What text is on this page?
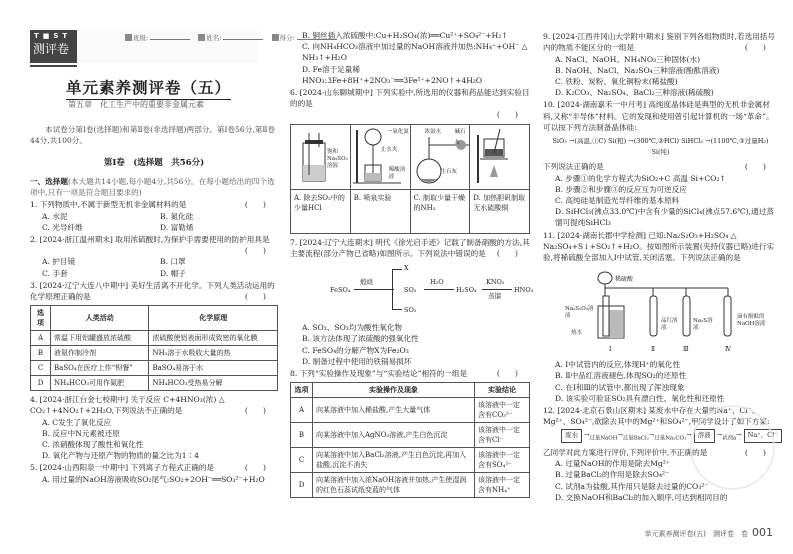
T■ST
测评卷
班级:	姓名:	得分:
单元素养测评卷（五）
第五章　化工生产中的重要非金属元素
本试卷分第Ⅰ卷(选择题)和第Ⅱ卷(非选择题)两部分。第Ⅰ卷56分,第Ⅱ卷44分,共100分。
第Ⅰ卷　(选择题　共56分)

一、选择题(本大题共14小题,每小题4分,共56分。在每小题给出的四个选项中,只有一项是符合题目要求的)

1. 下列物质中,不属于新型无机非金属材料的是	(　　)

A. 水泥	B. 氮化硅
C. 光导纤维	D. 富勒烯

2. [2024·浙江温州期末] 取用浓硫酸时,为保护手需要使用的防护用具是

(　　)

A. 护目镜	B. 口罩
C. 手套	D. 帽子

3. [2024·辽宁大连八中期中] 美好生活离不开化学。下列人类活动运用的化学原理正确的是	(　　)

选项	人类活动	化学原理
A	常温下用铝罐盛放浓硫酸	浓硫酸使铝表面形成致密的氧化膜
B	液氨作制冷剂	NH₃溶于水吸收大量的热
C	BaSO₄在医疗上作“钡餐”	BaSO₄易溶于水
D	NH₄HCO₃可用作氮肥	NH₄HCO₃受热易分解

4. [2024·浙江台金七校期中] 关于反应 C+4HNO₃(浓) △ CO₂↑+4NO₂↑+2H₂O,下列说法不正确的是	(　　)

A. C发生了氧化反应
B. 反应中N元素被还原
C. 浓硝酸体现了酸性和氧化性
D. 氧化产物与还原产物的物质的量之比为1∶4

5. [2024·山西阳泉一中期中] 下列离子方程式正确的是	(　　)

A. 用过量的NaOH溶液吸收SO₂尾气:SO₂+2OH⁻══SO₃²⁻+H₂O
B. 铜丝插入浓硫酸中:Cu+H₂SO₄(浓)══Cu²⁺+SO₄²⁻+H₂↑
C. 向NH₄HCO₃溶液中加过量的NaOH溶液并加热:NH₄⁺+OH⁻ △ NH₃↑+H₂O
D. Fe溶于足量稀HNO₃:3Fe+8H⁺+2NO₃⁻══3Fe²⁺+2NO↑+4H₂O

6. [2024·山东聊城期中] 下列实验中,所选用的仪器和药品能达到实验目的的是

(　　)

饱和Na₂SO₃溶液
A. 除去SO₂中的少量HCl
一氧化氮
止水夹
稀酸溶液
B. 喷泉实验
浓氨水 碱石灰
生石灰
C. 制取少量干燥的NH₃
D. 加热胆矾制取无水硫酸铜

7. [2024·辽宁大连期末] 明代《徐光启手迹》记载了制备硝酸的方法,其主要流程(部分产物已省略)如图所示。下列说法中错误的是	(　　)

FeSO₄
煅烧
X
SO₃
SO₂
H₂O
H₂SO₄
KNO₃
蒸馏
HNO₃
A. SO₂、SO₃均为酸性氧化物
B. 该方法体现了浓硫酸的强氧化性
C. FeSO₄的分解产物X为Fe₂O₃
D. 制备过程中使用的铁锅易损坏

8. 下列“实验操作及现象”与“实验结论”相符的一组是	(　　)

选项	实验操作及现象	实验结论
A	向某溶液中加入稀盐酸,产生大量气体	该溶液中一定含有CO₃²⁻
B	向某溶液中加入AgNO₃溶液,产生白色沉淀	该溶液中一定含有Cl⁻
C	向某溶液中加入BaCl₂溶液,产生白色沉淀,再加入盐酸,沉淀不消失	该溶液中一定含有SO₄²⁻
D	向某溶液中加入浓NaOH溶液并加热,产生使湿润的红色石蕊试纸变蓝的气体	该溶液中一定含有NH₄⁺

9. [2024·江西井冈山大学附中期末] 鉴别下列各组物质时,若选用括号内的物质不能区分的一组是	(　　)

A. NaCl、NaOH、NH₄NO₃三种固体(水)
B. NaOH、NaCl、Na₂SO₄三种溶液(酚酞溶液)
C. 铁粉、炭粉、氧化铜粉末(稀盐酸)
D. K₂CO₃、Na₂SO₄、BaCl₂三种溶液(稀硫酸)

10. [2024·湖南嘉禾一中月考] 高纯度晶体硅是典型的无机非金属材料,又称“半导体”材料。它的发现和使用曾引起计算机的一场“革命”。可以按下列方法制备晶体硅:

SiO₂ →(高温,①C) Si(粗) →(300℃,②HCl) SiHCl₃ →(1100℃,③过量H₂) Si(纯)

下列说法正确的是	(　　)

A. 步骤①的化学方程式为SiO₂+C 高温 Si+CO₂↑
B. 步骤②和步骤③的反应互为可逆反应
C. 高纯硅是制造光导纤维的基本原料
D. SiHCl₃(沸点33.0℃)中含有少量的SiCl₄(沸点57.6℃),通过蒸馏可提纯SiHCl₃

11. [2024·湖南长郡中学检测] 已知:Na₂S₂O₃+H₂SO₄ △ Na₂SO₄+S↓+SO₂↑+H₂O。按如图所示装置(夹持仪器已略)进行实验,将稀硫酸全部加入Ⅰ中试管,关闭活塞。下列说法正确的是

稀硫酸
Na₂S₂O₃溶液
热水
品红溶液
Na₂S溶液
滴有酚酞的NaOH溶液
Ⅰ	Ⅱ	Ⅲ	Ⅳ
A. Ⅰ中试管内的反应,体现H⁺的氧化性
B. Ⅱ中品红溶液褪色,体现SO₂的还原性
C. 在Ⅰ和Ⅲ的试管中,都出现了浑浊现象
D. 该实验可验证SO₂具有漂白性、氧化性和还原性

12. [2024·北京石景山区期末] 某废水中存在大量的Na⁺、Cl⁻、Mg²⁺、SO₄²⁻,欲除去其中的Mg²⁺和SO₄²⁻,甲同学设计了如下方案:

废水 $\to_{过量NaOH}\to_{过量BaCl_2}\to_{过量Na_2CO_3}\to$ 溶液 $\to_{试剂a}\to Na^+$、Cl⁻

乙同学对此方案进行评价,下列评价中,不正确的是	(　　)

A. 过量NaOH的作用是除去Mg²⁺
B. 过量BaCl₂的作用是除去SO₄²⁻
C. 试剂a为盐酸,其作用只是除去过量的CO₃²⁻
D. 交换NaOH和BaCl₂的加入顺序,可达到相同目的
单元素养测评卷(五)　测评卷　卷 001
